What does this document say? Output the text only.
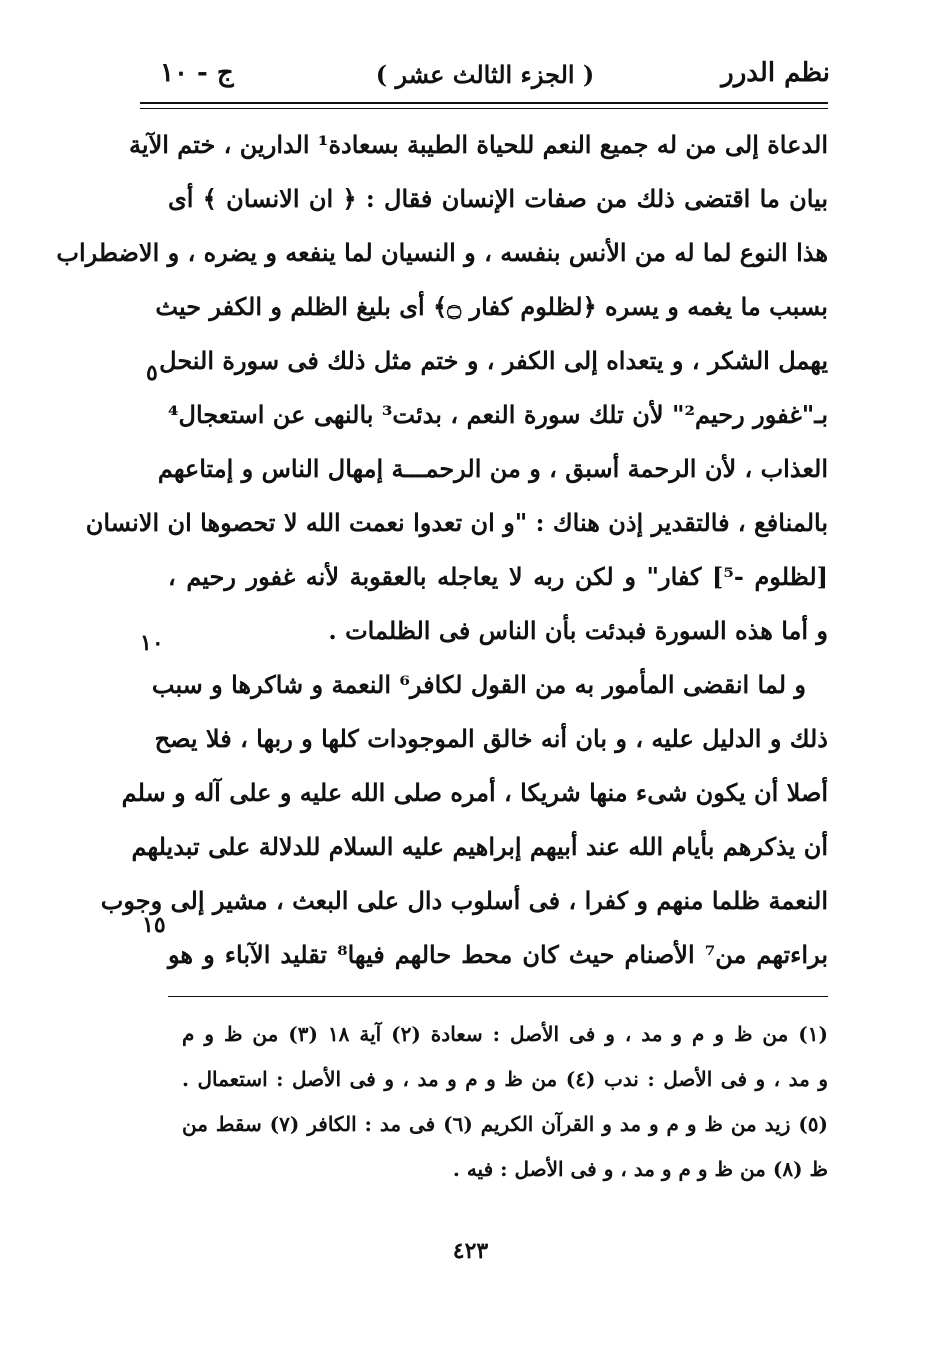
نظم الدرر
( الجزء الثالث عشر )
ج - ١٠
الدعاة إلى من له جميع النعم للحياة الطيبة بسعادة¹ الدارين ، ختم الآية
بيان ما اقتضى ذلك من صفات الإنسان فقال : ﴿ ان الانسان ﴾ أى
هذا النوع لما له من الأنس بنفسه ، و النسيان لما ينفعه و يضره ، و الاضطراب
بسبب ما يغمه و يسره ﴿لظلوم كفار ۝﴾ أى بليغ الظلم و الكفر حيث
يهمل الشكر ، و يتعداه إلى الكفر ، و ختم مثل ذلك فى سورة النحل
بـ"غفور رحيم²" لأن تلك سورة النعم ، بدئت³ بالنهى عن استعجال⁴
العذاب ، لأن الرحمة أسبق ، و من الرحمـــة إمهال الناس و إمتاعهم
بالمنافع ، فالتقدير إذن هناك : "و ان تعدوا نعمت الله لا تحصوها ان الانسان
[لظلوم -⁵] كفار" و لكن ربه لا يعاجله بالعقوبة لأنه غفور رحيم ،
و أما هذه السورة فبدئت بأن الناس فى الظلمات .
و لما انقضى المأمور به من القول لكافر⁶ النعمة و شاكرها و سبب
ذلك و الدليل عليه ، و بان أنه خالق الموجودات كلها و ربها ، فلا يصح
أصلا أن يكون شىء منها شريكا ، أمره صلى الله عليه و على آله و سلم
أن يذكرهم بأيام الله عند أبيهم إبراهيم عليه السلام للدلالة على تبديلهم
النعمة ظلما منهم و كفرا ، فى أسلوب دال على البعث ، مشير إلى وجوب
براءتهم من⁷ الأصنام حيث كان محط حالهم فيها⁸ تقليد الآباء و هو
٥
١٠
١٥
(١) من ظ و م و مد ، و فى الأصل : سعادة (٢) آية ١٨ (٣) من ظ و م
و مد ، و فى الأصل : ندب (٤) من ظ و م و مد ، و فى الأصل : استعمال .
(٥) زيد من ظ و م و مد و القرآن الكريم (٦) فى مد : الكافر (٧) سقط من
ظ (٨) من ظ و م و مد ، و فى الأصل : فيه .
٤٢٣
